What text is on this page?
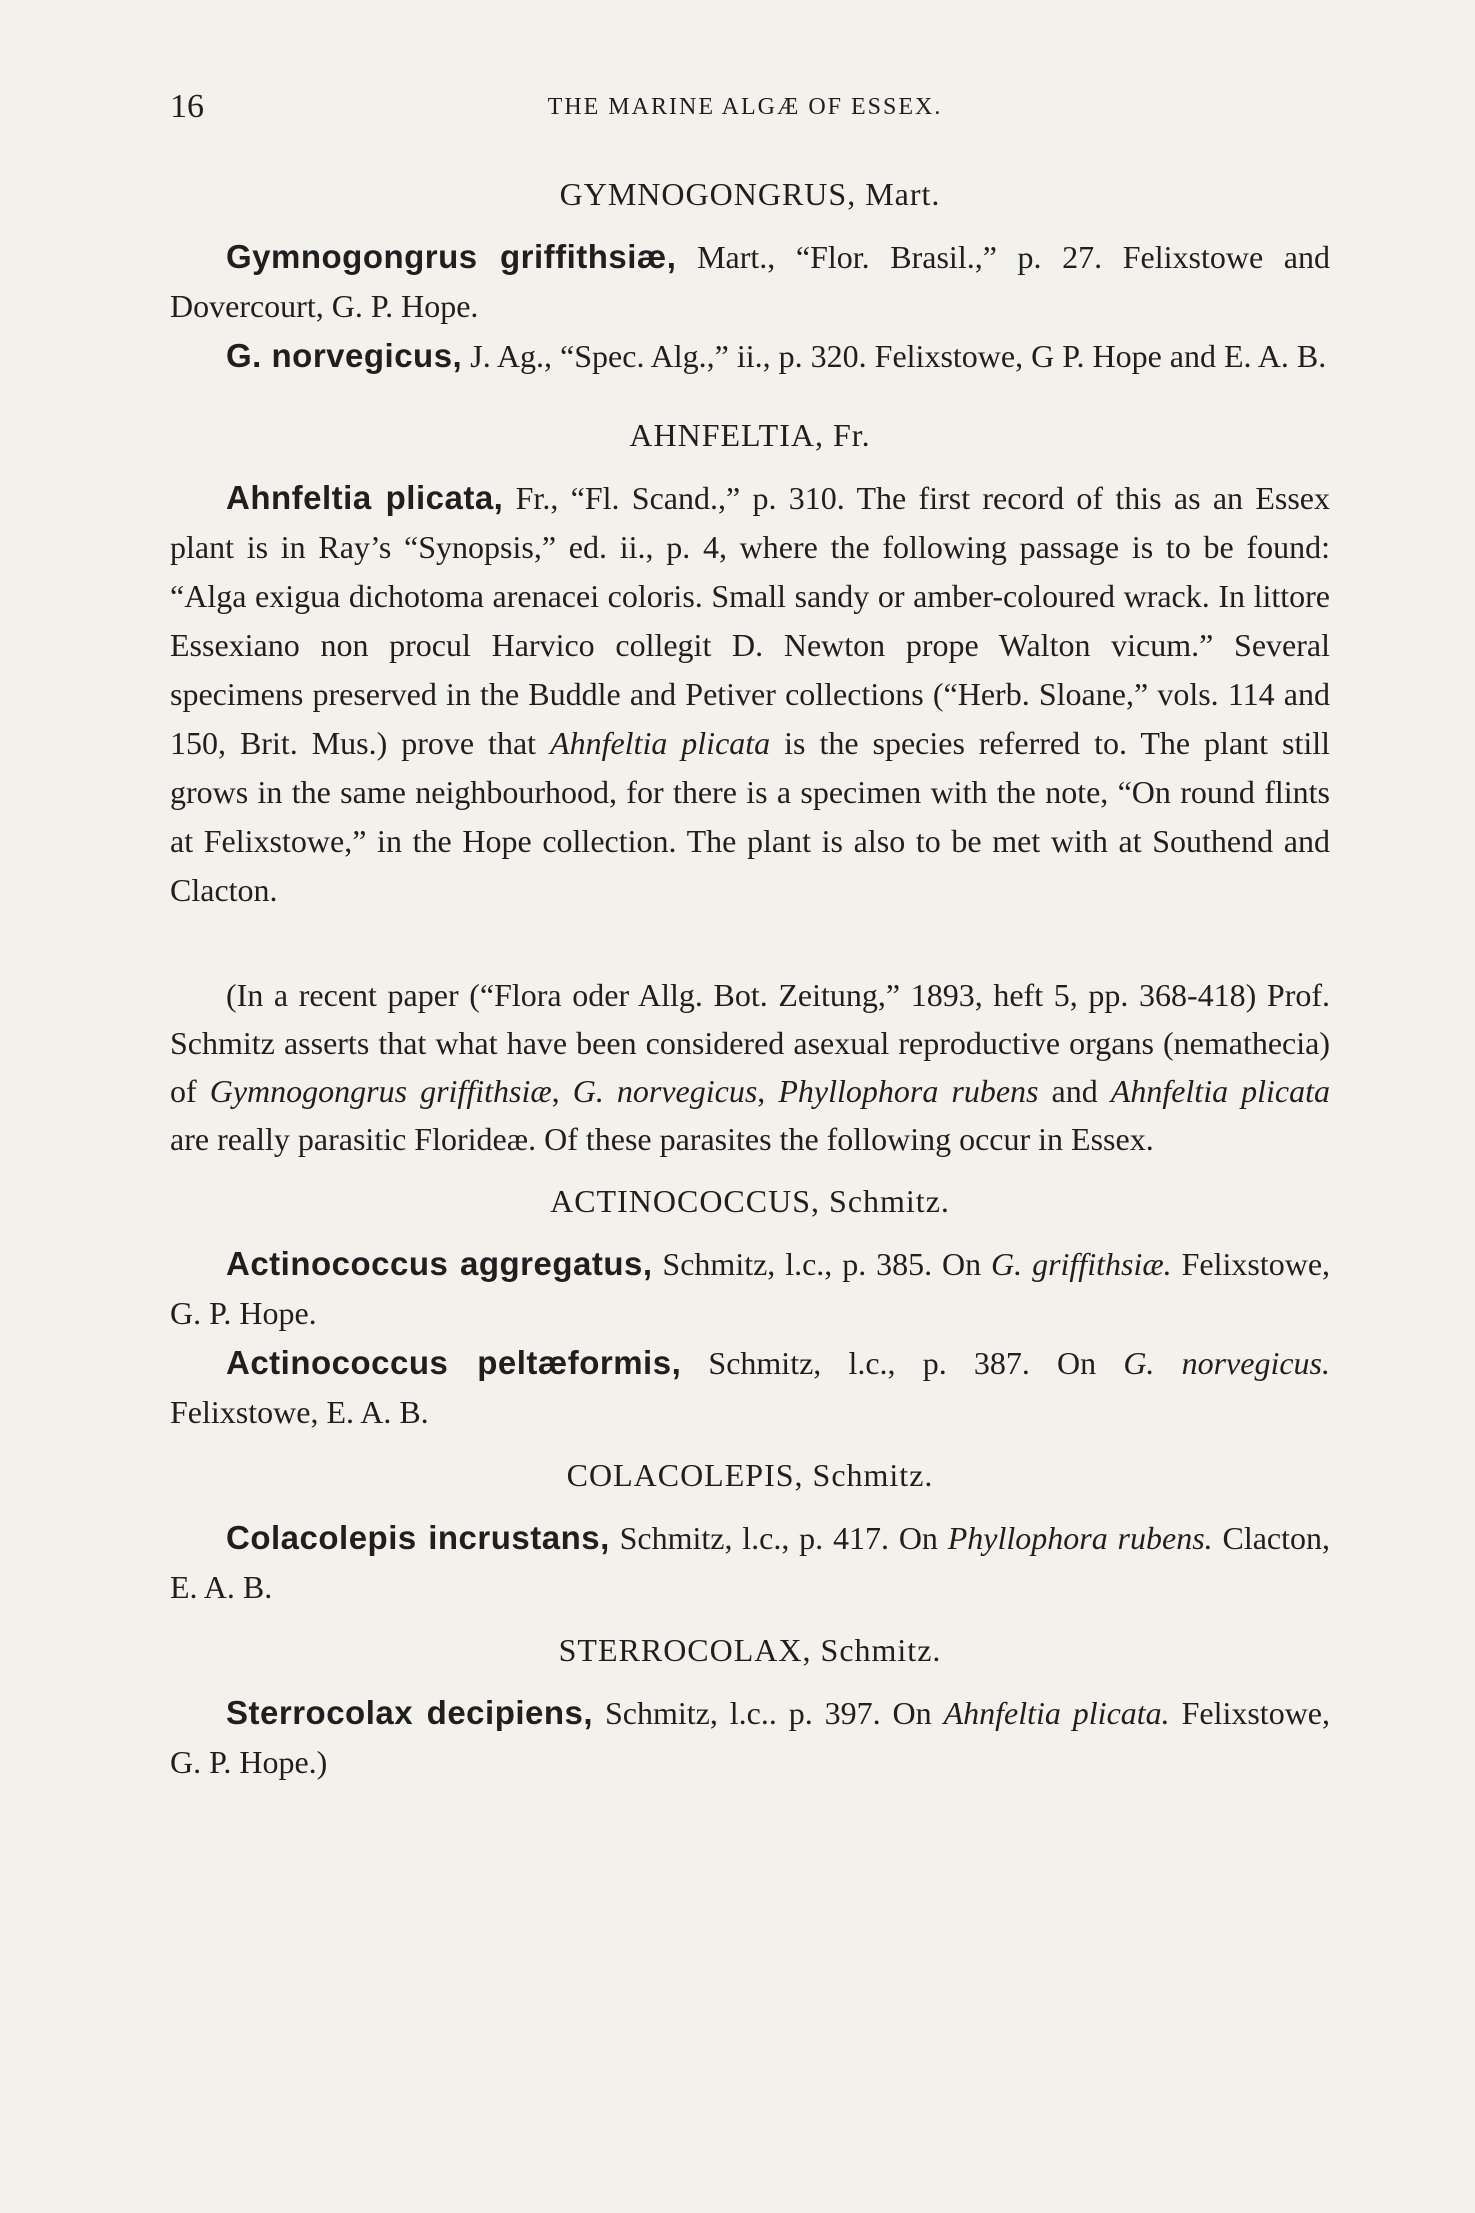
16	THE MARINE ALGÆ OF ESSEX.
GYMNOGONGRUS, Mart.

Gymnogongrus griffithsiæ, Mart., “Flor. Brasil.,” p. 27. Felixstowe and Dovercourt, G. P. Hope.

G. norvegicus, J. Ag., “Spec. Alg.,” ii., p. 320. Felixstowe, G P. Hope and E. A. B.

AHNFELTIA, Fr.

Ahnfeltia plicata, Fr., “Fl. Scand.,” p. 310. The first record of this as an Essex plant is in Ray’s “Synopsis,” ed. ii., p. 4, where the following passage is to be found: “Alga exigua dichotoma arenacei coloris. Small sandy or amber-coloured wrack. In littore Essexiano non procul Harvico collegit D. Newton prope Walton vicum.” Several specimens preserved in the Buddle and Petiver collections (“Herb. Sloane,” vols. 114 and 150, Brit. Mus.) prove that Ahnfeltia plicata is the species referred to. The plant still grows in the same neighbourhood, for there is a specimen with the note, “On round flints at Felixstowe,” in the Hope collection. The plant is also to be met with at Southend and Clacton.

(In a recent paper (“Flora oder Allg. Bot. Zeitung,” 1893, heft 5, pp. 368-418) Prof. Schmitz asserts that what have been considered asexual reproductive organs (nemathecia) of Gymnogongrus griffithsiæ, G. norvegicus, Phyllophora rubens and Ahnfeltia plicata are really parasitic Florideæ. Of these parasites the following occur in Essex.

ACTINOCOCCUS, Schmitz.

Actinococcus aggregatus, Schmitz, l.c., p. 385. On G. griffithsiæ. Felixstowe, G. P. Hope.

Actinococcus peltæformis, Schmitz, l.c., p. 387. On G. norvegicus. Felixstowe, E. A. B.

COLACOLEPIS, Schmitz.

Colacolepis incrustans, Schmitz, l.c., p. 417. On Phyllophora rubens. Clacton, E. A. B.

STERROCOLAX, Schmitz.

Sterrocolax decipiens, Schmitz, l.c.. p. 397. On Ahnfeltia plicata. Felixstowe, G. P. Hope.)
